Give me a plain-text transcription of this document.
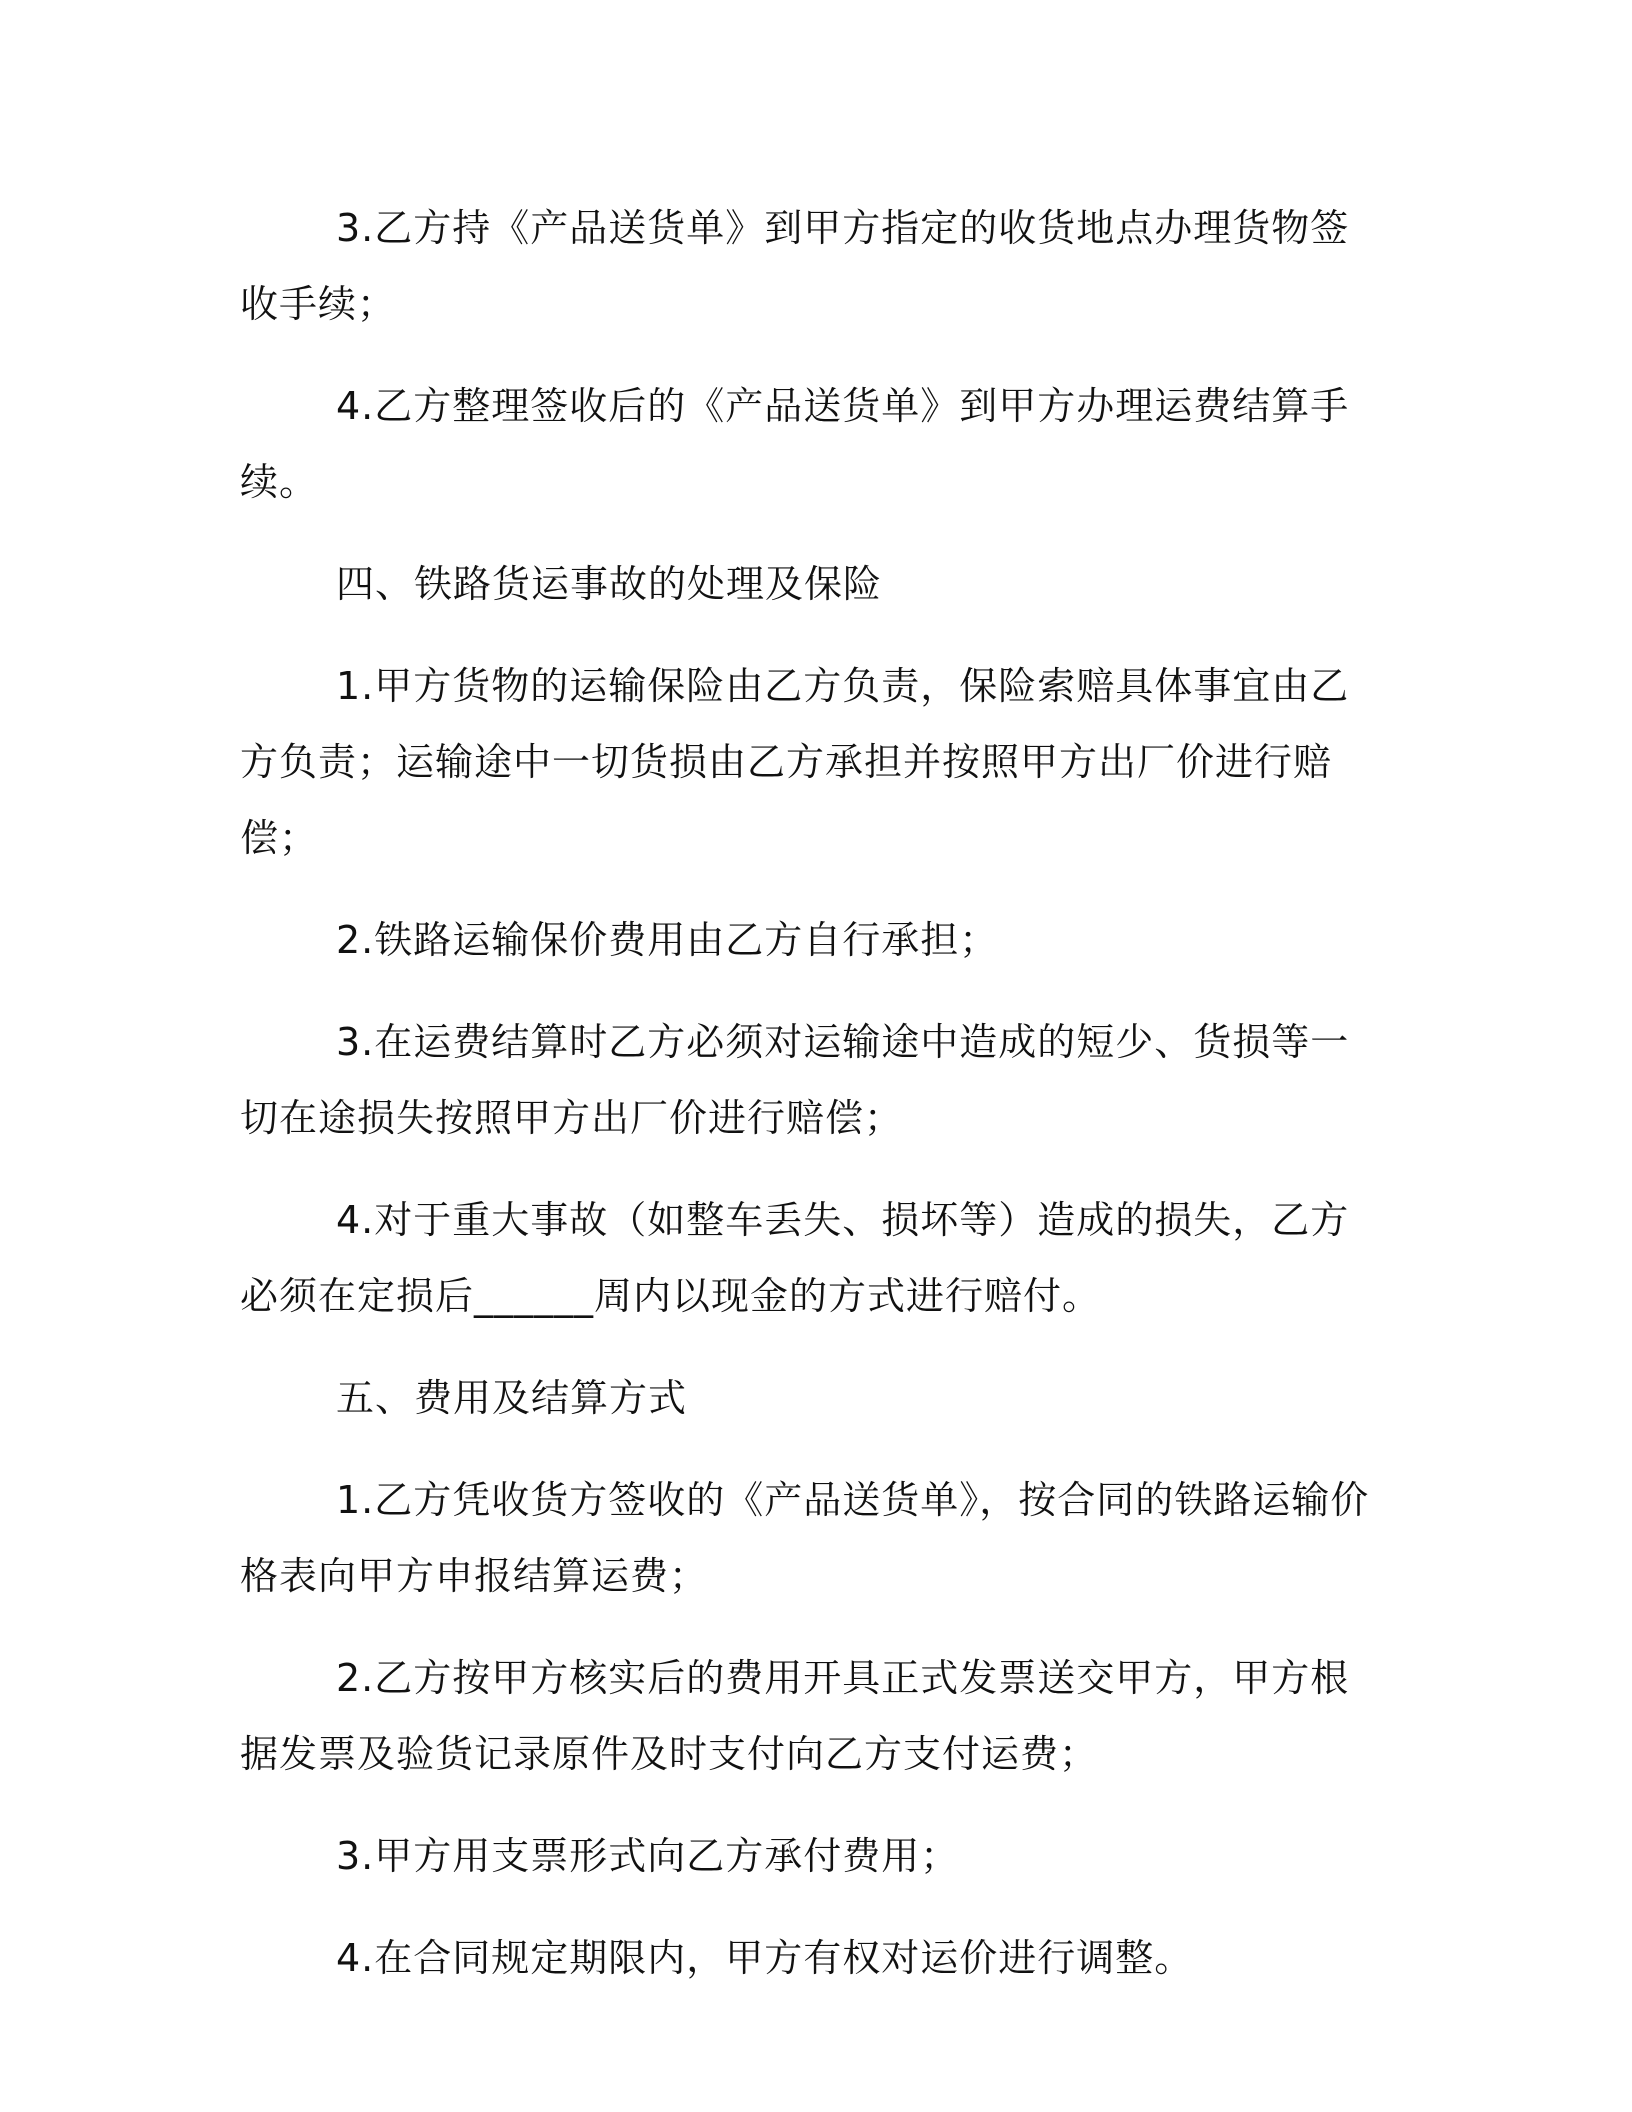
3.乙方持《产品送货单》到甲方指定的收货地点办理货物签收手续；

4.乙方整理签收后的《产品送货单》到甲方办理运费结算手续。

四、铁路货运事故的处理及保险

1.甲方货物的运输保险由乙方负责，保险索赔具体事宜由乙方负责；运输途中一切货损由乙方承担并按照甲方出厂价进行赔偿；

2.铁路运输保价费用由乙方自行承担；

3.在运费结算时乙方必须对运输途中造成的短少、货损等一切在途损失按照甲方出厂价进行赔偿；

4.对于重大事故（如整车丢失、损坏等）造成的损失，乙方必须在定损后______周内以现金的方式进行赔付。

五、费用及结算方式

1.乙方凭收货方签收的《产品送货单》，按合同的铁路运输价格表向甲方申报结算运费；

2.乙方按甲方核实后的费用开具正式发票送交甲方，甲方根据发票及验货记录原件及时支付向乙方支付运费；

3.甲方用支票形式向乙方承付费用；

4.在合同规定期限内，甲方有权对运价进行调整。
